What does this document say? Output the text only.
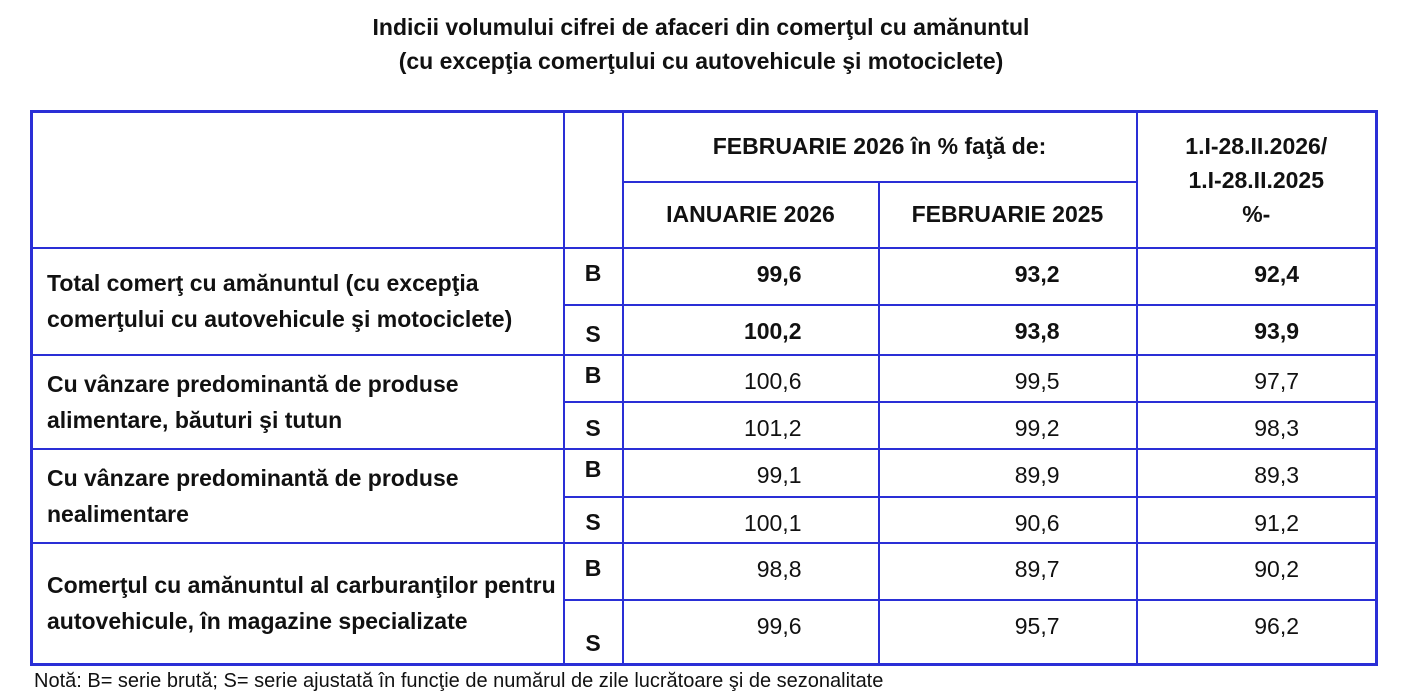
Indicii volumului cifrei de afaceri din comerţul cu amănuntul
(cu excepţia comerţului cu autovehicule şi motociclete)
		FEBRUARIE 2026 în % faţă de:		1.I-28.II.2026/
1.I-28.II.2025
%-

		IANUARIE 2026	FEBRUARIE 2025	
Total comerţ cu amănuntul (cu excepţia comerţului cu autovehicule şi motociclete)	B	99,6	93,2	92,4
	S	100,2	93,8	93,9
Cu vânzare predominantă de produse alimentare, băuturi şi tutun	B	100,6	99,5	97,7
	S	101,2	99,2	98,3
Cu vânzare predominantă de produse nealimentare	B	99,1	89,9	89,3
	S	100,1	90,6	91,2
Comerţul cu amănuntul al carburanţilor pentru autovehicule, în magazine specializate	B	98,8	89,7	90,2
	S	99,6	95,7	96,2
Notă: B= serie brută; S= serie ajustată în funcţie de numărul de zile lucrătoare şi de sezonalitate
